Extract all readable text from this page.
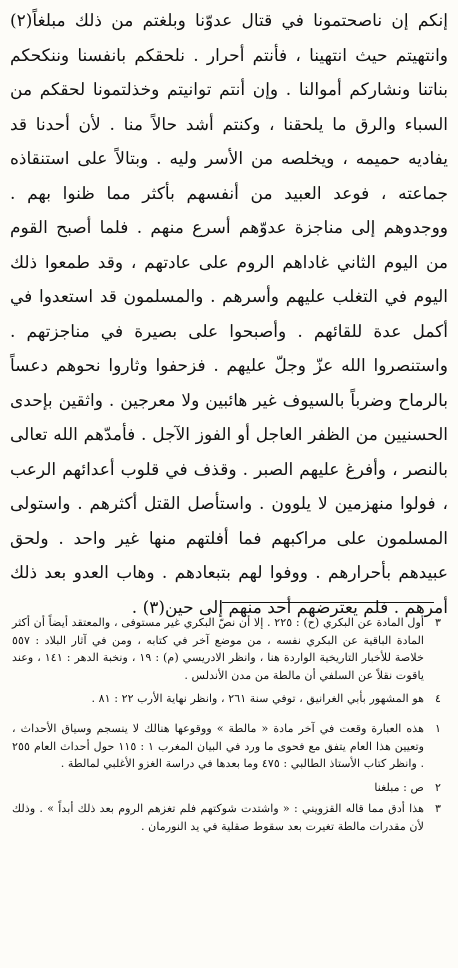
إنكم إن ناصحتمونا في قتال عدوّنا وبلغتم من ذلك مبلغاً(٢) وانتهيتم حيث انتهينا ، فأنتم أحرار . نلحقكم بانفسنا وننكحكم بناتنا ونشاركم أموالنا . وإن أنتم توانيتم وخذلتمونا لحقكم من السباء والرق ما يلحقنا ، وكنتم أشد حالاً منا . لأن أحدنا قد يفاديه حميمه ، ويخلصه من الأسر وليه . وبتالاً على استنقاذه جماعته ، فوعد العبيد من أنفسهم بأكثر مما ظنوا بهم . ووجدوهم إلى مناجزة عدوّهم أسرع منهم . فلما أصبح القوم من اليوم الثاني غاداهم الروم على عادتهم ، وقد طمعوا ذلك اليوم في التغلب عليهم وأسرهم . والمسلمون قد استعدوا في أكمل عدة للقائهم . وأصبحوا على بصيرة في مناجزتهم . واستنصروا الله عزّ وجلّ عليهم . فزحفوا وثاروا نحوهم دعساً بالرماح وضرباً بالسيوف غير هائبين ولا معرجين . واثقين بإحدى الحسنيين من الظفر العاجل أو الفوز الآجل . فأمدّهم الله تعالى بالنصر ، وأفرغ عليهم الصبر . وقذف في قلوب أعدائهم الرعب ، فولوا منهزمين لا يلوون . واستأصل القتل أكثرهم . واستولى المسلمون على مراكبهم فما أفلتهم منها غير واحد . ولحق عبيدهم بأحرارهم . ووفوا لهم بتبعادهم . وهاب العدو بعد ذلك أمرهم . فلم يعترضهم أحد منهم إلى حين(٣) .

٣
أول المادة عن البكري (ح) : ٢٢٥ . إلا أن نصّ البكري غير مستوفى ، والمعتقد أيضاً أن أكثر المادة الباقية عن البكري نفسه ، من موضع آخر في كتابه ، ومن في آثار البلاد : ٥٥٧ خلاصة للأخبار التاريخية الواردة هنا ، وانظر الادريسي (م) : ١٩ ، ونخبة الدهر : ١٤١ ، وعند ياقوت نقلاً عن السلفي أن مالطة من مدن الأندلس .
٤
هو المشهور بأبي الغرانيق ، توفي سنة ٢٦١ ، وانظر نهاية الأرب ٢٢ : ٨١ .
١
هذه العبارة وقعت في آخر مادة « مالطة » ووقوعها هنالك لا ينسجم وسياق الأحداث ، وتعيين هذا العام يتفق مع فحوى ما ورد في البيان المغرب ١ : ١١٥ حول أحداث العام ٢٥٥ . وانظر كتاب الأستاذ الطالبي : ٤٧٥ وما بعدها في دراسة الغزو الأغلبي لمالطة .
٢
ص : مبلغنا
٣
هذا أدق مما قاله القزويني : « واشتدت شوكتهم فلم تغزهم الروم بعد ذلك أبداً » . وذلك لأن مقدرات مالطة تغيرت بعد سقوط صقلية في يد النورمان .
